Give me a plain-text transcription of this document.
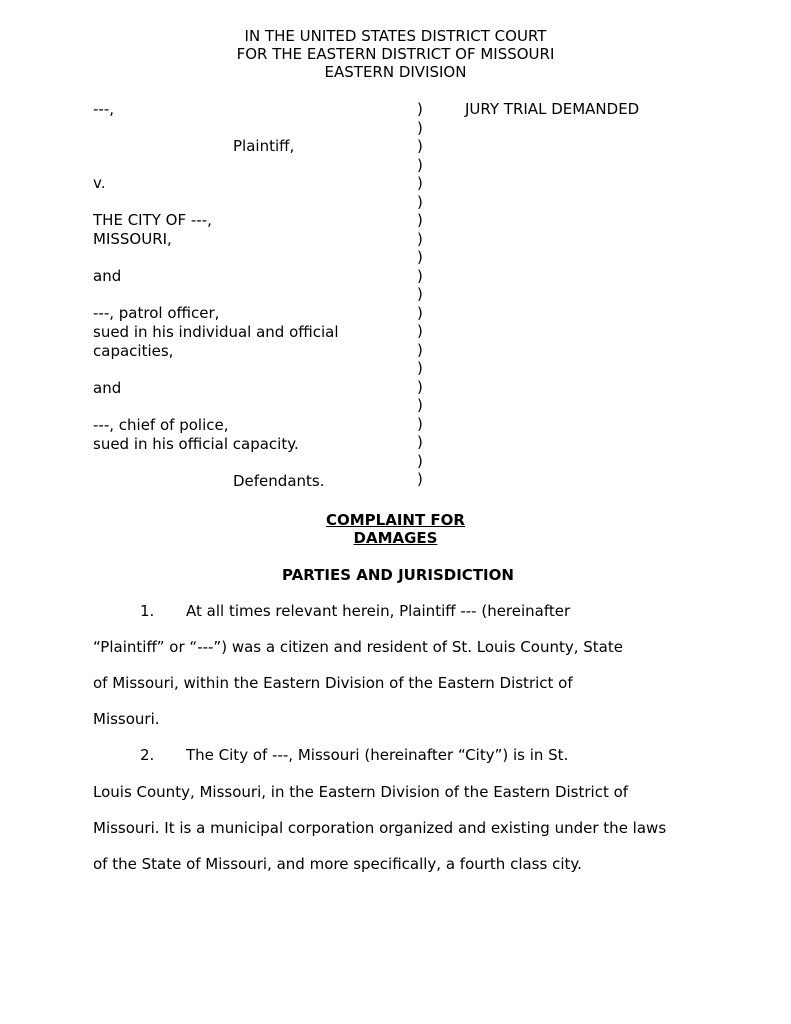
IN THE UNITED STATES DISTRICT COURT
FOR THE EASTERN DISTRICT OF MISSOURI
EASTERN DIVISION
---,
Plaintiff,
v.
THE CITY OF ---,
MISSOURI,
and
---, patrol officer,
sued in his individual and official
capacities,
and
---, chief of police,
sued in his official capacity.
Defendants.
)
)
)
)
)
)
)
)
)
)
)
)
)
)
)
)
)
)
)
)
)
JURY TRIAL DEMANDED
COMPLAINT FOR
DAMAGES
PARTIES AND JURISDICTION
1. At all times relevant herein, Plaintiff --- (hereinafter
“Plaintiff” or “---”) was a citizen and resident of St. Louis County, State
of Missouri, within the Eastern Division of the Eastern District of
Missouri.
2. The City of ---, Missouri (hereinafter “City”) is in St.
Louis County, Missouri, in the Eastern Division of the Eastern District of
Missouri. It is a municipal corporation organized and existing under the laws
of the State of Missouri, and more specifically, a fourth class city.
